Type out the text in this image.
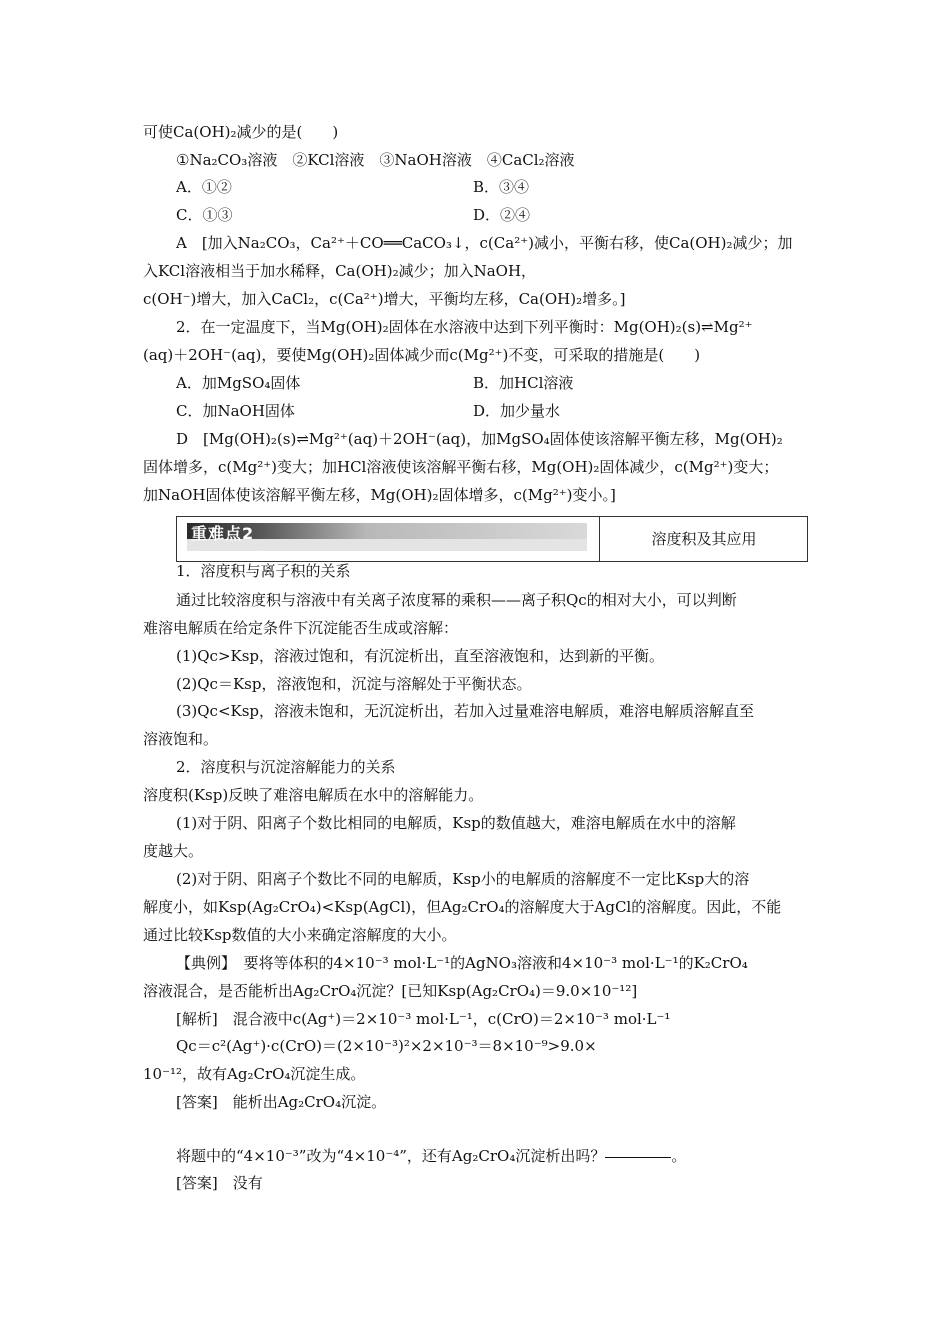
可使Ca(OH)₂减少的是(　　)
①Na₂CO₃溶液　②KCl溶液　③NaOH溶液　④CaCl₂溶液
A．①②	B．③④
C．①③	D．②④
A　[加入Na₂CO₃，Ca²⁺＋CO══CaCO₃↓，c(Ca²⁺)减小，平衡右移，使Ca(OH)₂减少；加
入KCl溶液相当于加水稀释，Ca(OH)₂减少；加入NaOH，
c(OH⁻)增大，加入CaCl₂，c(Ca²⁺)增大，平衡均左移，Ca(OH)₂增多。]
2．在一定温度下，当Mg(OH)₂固体在水溶液中达到下列平衡时：Mg(OH)₂(s)⇌Mg²⁺
(aq)＋2OH⁻(aq)，要使Mg(OH)₂固体减少而c(Mg²⁺)不变，可采取的措施是(　　)
A．加MgSO₄固体	B．加HCl溶液
C．加NaOH固体	D．加少量水
D　[Mg(OH)₂(s)⇌Mg²⁺(aq)＋2OH⁻(aq)，加MgSO₄固体使该溶解平衡左移，Mg(OH)₂
固体增多，c(Mg²⁺)变大；加HCl溶液使该溶解平衡右移，Mg(OH)₂固体减少，c(Mg²⁺)变大；
加NaOH固体使该溶解平衡左移，Mg(OH)₂固体增多，c(Mg²⁺)变小。]
重难点2	溶度积及其应用
1．溶度积与离子积的关系
通过比较溶度积与溶液中有关离子浓度幂的乘积——离子积Qc的相对大小，可以判断
难溶电解质在给定条件下沉淀能否生成或溶解：
(1)Qc>Ksp，溶液过饱和，有沉淀析出，直至溶液饱和，达到新的平衡。
(2)Qc＝Ksp，溶液饱和，沉淀与溶解处于平衡状态。
(3)Qc<Ksp，溶液未饱和，无沉淀析出，若加入过量难溶电解质，难溶电解质溶解直至
溶液饱和。
2．溶度积与沉淀溶解能力的关系
溶度积(Ksp)反映了难溶电解质在水中的溶解能力。
(1)对于阴、阳离子个数比相同的电解质，Ksp的数值越大，难溶电解质在水中的溶解
度越大。
(2)对于阴、阳离子个数比不同的电解质，Ksp小的电解质的溶解度不一定比Ksp大的溶
解度小，如Ksp(Ag₂CrO₄)<Ksp(AgCl)，但Ag₂CrO₄的溶解度大于AgCl的溶解度。因此，不能
通过比较Ksp数值的大小来确定溶解度的大小。
【典例】　要将等体积的4×10⁻³ mol·L⁻¹的AgNO₃溶液和4×10⁻³ mol·L⁻¹的K₂CrO₄
溶液混合，是否能析出Ag₂CrO₄沉淀？[已知Ksp(Ag₂CrO₄)＝9.0×10⁻¹²]
[解析]　混合液中c(Ag⁺)＝2×10⁻³ mol·L⁻¹，c(CrO)＝2×10⁻³ mol·L⁻¹
Qc＝c²(Ag⁺)·c(CrO)＝(2×10⁻³)²×2×10⁻³＝8×10⁻⁹>9.0×
10⁻¹²，故有Ag₂CrO₄沉淀生成。
[答案]　能析出Ag₂CrO₄沉淀。
将题中的“4×10⁻³”改为“4×10⁻⁴”，还有Ag₂CrO₄沉淀析出吗？	。
[答案]　没有
